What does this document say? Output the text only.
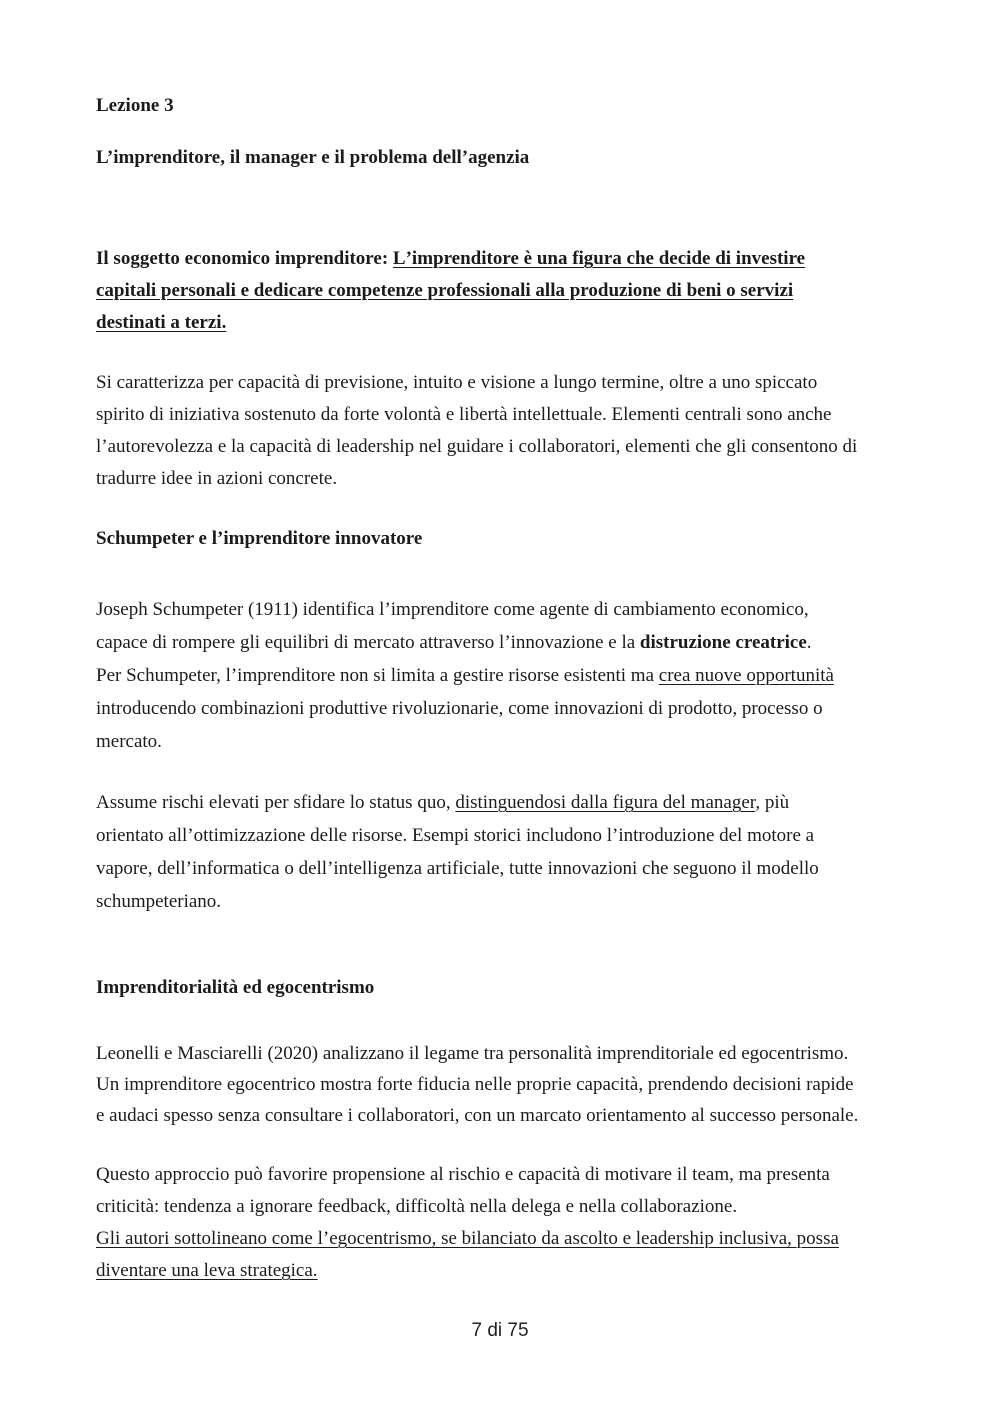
Lezione 3

L’imprenditore, il manager e il problema dell’agenzia

Il soggetto economico imprenditore: Lʼimprenditore è una figura che decide di investire
capitali personali e dedicare competenze professionali alla produzione di beni o servizi
destinati a terzi.
Si caratterizza per capacità di previsione, intuito e visione a lungo termine, oltre a uno spiccato
spirito di iniziativa sostenuto da forte volontà e libertà intellettuale. Elementi centrali sono anche
lʼautorevolezza e la capacità di leadership nel guidare i collaboratori, elementi che gli consentono di
tradurre idee in azioni concrete.

Schumpeter e lʼimprenditore innovatore

Joseph Schumpeter (1911) identifica lʼimprenditore come agente di cambiamento economico,
capace di rompere gli equilibri di mercato attraverso lʼinnovazione e la distruzione creatrice.
Per Schumpeter, lʼimprenditore non si limita a gestire risorse esistenti ma crea nuove opportunità
introducendo combinazioni produttive rivoluzionarie, come innovazioni di prodotto, processo o
mercato.
Assume rischi elevati per sfidare lo status quo, distinguendosi dalla figura del manager, più
orientato allʼottimizzazione delle risorse. Esempi storici includono lʼintroduzione del motore a
vapore, dellʼinformatica o dellʼintelligenza artificiale, tutte innovazioni che seguono il modello
schumpeteriano.

Imprenditorialità ed egocentrismo

Leonelli e Masciarelli (2020) analizzano il legame tra personalità imprenditoriale ed egocentrismo.
Un imprenditore egocentrico mostra forte fiducia nelle proprie capacità, prendendo decisioni rapide
e audaci spesso senza consultare i collaboratori, con un marcato orientamento al successo personale.
Questo approccio può favorire propensione al rischio e capacità di motivare il team, ma presenta
criticità: tendenza a ignorare feedback, difficoltà nella delega e nella collaborazione.
Gli autori sottolineano come lʼegocentrismo, se bilanciato da ascolto e leadership inclusiva, possa
diventare una leva strategica.
7 di 75
